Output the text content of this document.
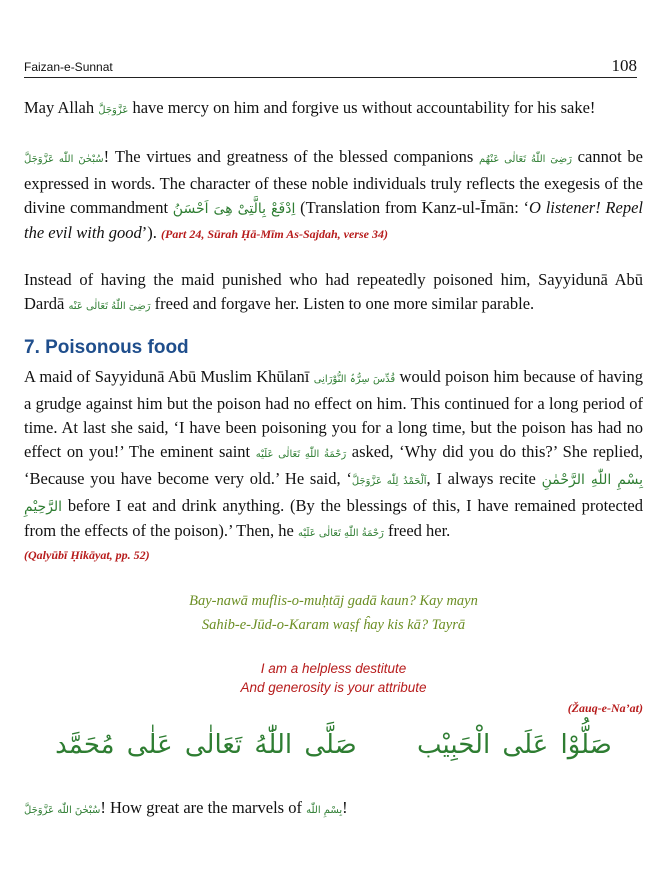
Faizan-e-Sunnat	108

May Allah عَزَّوَجَلَّ have mercy on him and forgive us without accountability for his sake!

سُبْحٰنَ اللّٰه عَزَّوَجَلَّ! The virtues and greatness of the blessed companions رَضِیَ اللّٰهُ تَعَالٰی عَنْهُم cannot be expressed in words. The character of these noble individuals truly reflects the exegesis of the divine commandment اِدْفَعْ بِالَّتِیْ هِیَ اَحْسَنُ (Translation from Kanz-ul-Īmān: ‘O listener! Repel the evil with good’). (Part 24, Sūrah Ḥā-Mīm As-Sajdah, verse 34)

Instead of having the maid punished who had repeatedly poisoned him, Sayyidunā Abū Dardā رَضِیَ اللّٰهُ تَعَالٰی عَنْه freed and forgave her. Listen to one more similar parable.

7. Poisonous food

A maid of Sayyidunā Abū Muslim Khūlanī قُدِّسَ سِرُّہُ النُّوْرَانِی would poison him because of having a grudge against him but the poison had no effect on him. This continued for a long period of time. At last she said, ‘I have been poisoning you for a long time, but the poison has had no effect on you!’ The eminent saint رَحْمَةُ اللّٰهِ تَعَالٰی عَلَيْه asked, ‘Why did you do this?’ She replied, ‘Because you have become very old.’ He said, ‘اَلْحَمْدُ لِلّٰه عَزَّوَجَلَّ, I always recite بِسْمِ اللّٰهِ الرَّحْمٰنِ الرَّحِيْمِ before I eat and drink anything. (By the blessings of this, I have remained protected from the effects of the poison).’ Then, he رَحْمَةُ اللّٰهِ تَعَالٰی عَلَيْه freed her.

(Qalyūbī Ḥikāyat, pp. 52)
Bay-nawā muflis-o-muḥtāj gadā kaun? Kay mayn
Sahib-e-Jūd-o-Karam waṣf ĥay kis kā? Tayrā
I am a helpless destitute
And generosity is your attribute
(Žauq-e-Na’at)
صَلَّى اللّٰهُ تَعَالٰى عَلٰى مُحَمَّد صَلُّوْا عَلَى الْحَبِيْب

سُبْحٰنَ اللّٰه عَزَّوَجَلَّ! How great are the marvels of بِسْمِ اللّٰه!
